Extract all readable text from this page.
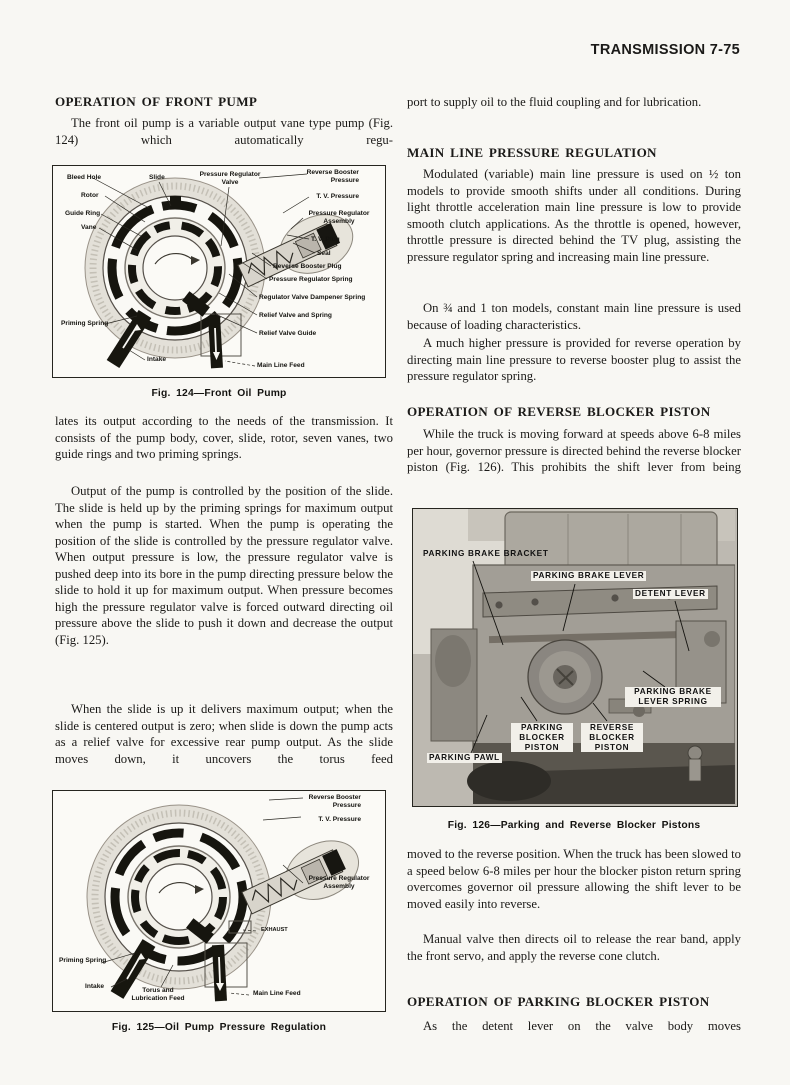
TRANSMISSION 7-75
OPERATION OF FRONT PUMP
The front oil pump is a variable output vane type pump (Fig. 124) which automatically regu-
Bleed Hole
Rotor
Guide Ring
Vane
Slide	Pressure Regulator Valve
Reverse Booster Pressure
T. V. Pressure
Pressure Regulator Assembly
T. V. Plug
Seal
Reverse Booster Plug
Pressure Regulator Spring
Regulator Valve Dampener Spring
Relief Valve and Spring
Relief Valve Guide
Priming Spring
Intake
Main Line Feed
Fig. 124—Front Oil Pump
lates its output according to the needs of the transmission. It consists of the pump body, cover, slide, rotor, seven vanes, two guide rings and two priming springs.
Output of the pump is controlled by the position of the slide. The slide is held up by the priming springs for maximum output when the pump is started. When the pump is operating the position of the slide is controlled by the pressure regulator valve. When output pressure is low, the pressure regulator valve is pushed deep into its bore in the pump directing pressure below the slide to hold it up for maximum output. When pressure becomes high the pressure regulator valve is forced outward directing oil pressure above the slide to push it down and decrease the output (Fig. 125).
When the slide is up it delivers maximum output; when the slide is centered output is zero; when slide is down the pump acts as a relief valve for excessive rear pump output. As the slide moves down, it uncovers the torus feed
Reverse Booster Pressure
T. V. Pressure
Pressure Regulator Assembly
EXHAUST
Priming Spring
Intake
Torus and Lubrication Feed
Main Line Feed
Fig. 125—Oil Pump Pressure Regulation
port to supply oil to the fluid coupling and for lubrication.
MAIN LINE PRESSURE REGULATION
Modulated (variable) main line pressure is used on ½ ton models to provide smooth shifts under all conditions. During light throttle acceleration main line pressure is low to provide smooth clutch applications. As the throttle is opened, however, throttle pressure is directed behind the TV plug, assisting the pressure regulator spring and increasing main line pressure.
On ¾ and 1 ton models, constant main line pressure is used because of loading characteristics.
A much higher pressure is provided for reverse operation by directing main line pressure to reverse booster plug to assist the pressure regulator spring.
OPERATION OF REVERSE BLOCKER PISTON
While the truck is moving forward at speeds above 6-8 miles per hour, governor pressure is directed behind the reverse blocker piston (Fig. 126). This prohibits the shift lever from being
PARKING BRAKE BRACKET
PARKING BRAKE LEVER
DETENT LEVER
PARKING BRAKE LEVER SPRING
PARKING BLOCKER PISTON
REVERSE BLOCKER PISTON
PARKING PAWL
Fig. 126—Parking and Reverse Blocker Pistons
moved to the reverse position. When the truck has been slowed to a speed below 6-8 miles per hour the blocker piston return spring overcomes governor oil pressure allowing the shift lever to be moved easily into reverse.
Manual valve then directs oil to release the rear band, apply the front servo, and apply the reverse cone clutch.
OPERATION OF PARKING BLOCKER PISTON
As the detent lever on the valve body moves
